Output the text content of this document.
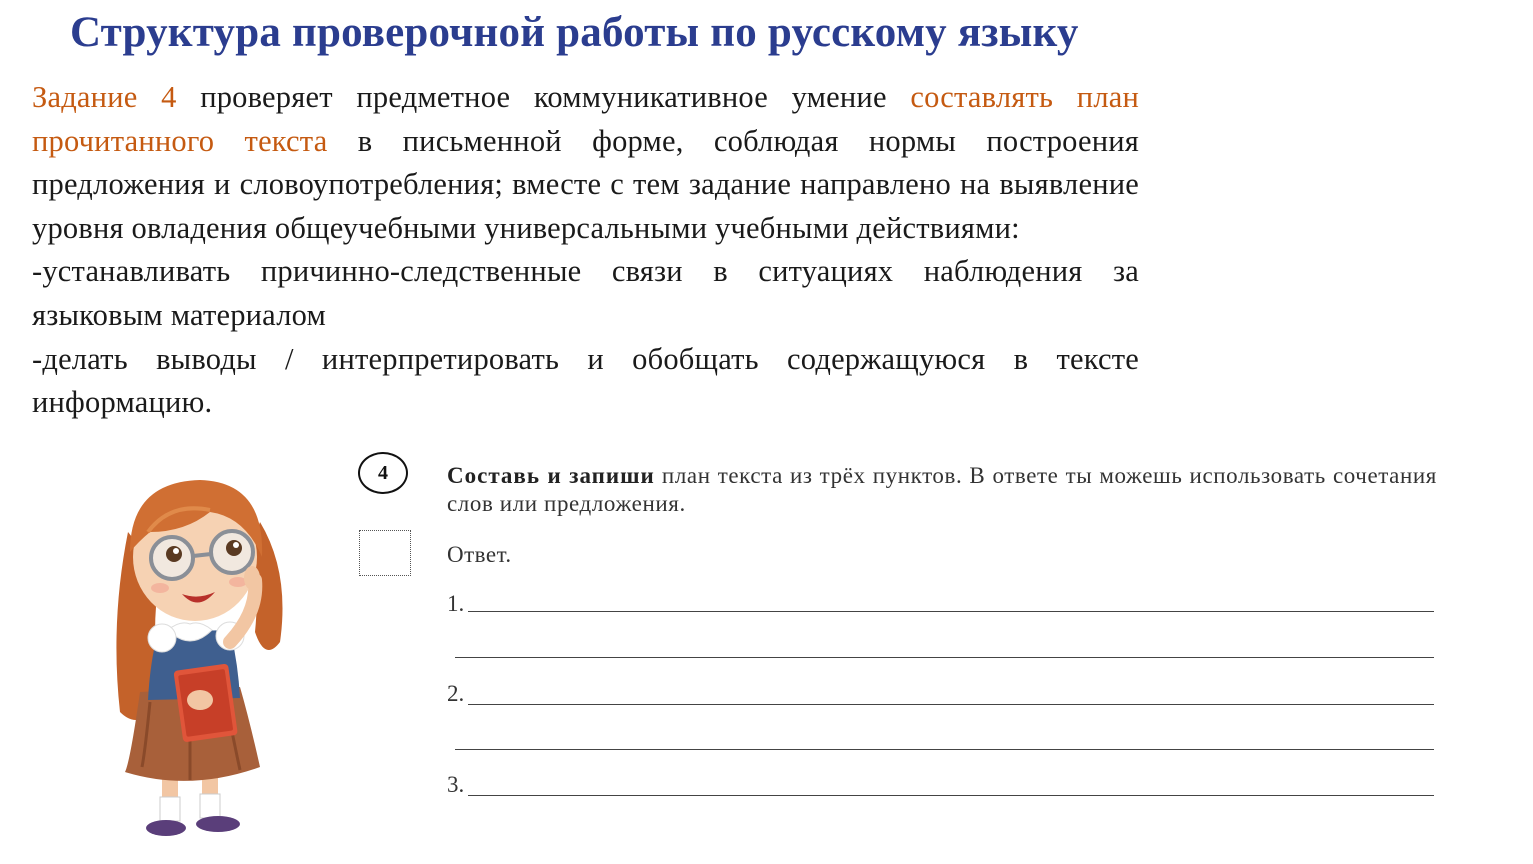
Структура проверочной работы по русскому языку

Задание 4 проверяет предметное коммуникативное умение составлять план прочитанного текста в письменной форме, соблюдая нормы построения предложения и словоупотребления; вместе с тем задание направлено на выявление уровня овладения общеучебными универсальными учебными действиями:

-устанавливать причинно-следственные связи в ситуациях наблюдения за языковым материалом

-делать выводы / интерпретировать и обобщать содержащуюся в тексте информацию.

4	Составь и запиши план текста из трёх пунктов. В ответе ты можешь использовать сочетания слов или предложения.
Ответ.
1.
2.
3.
